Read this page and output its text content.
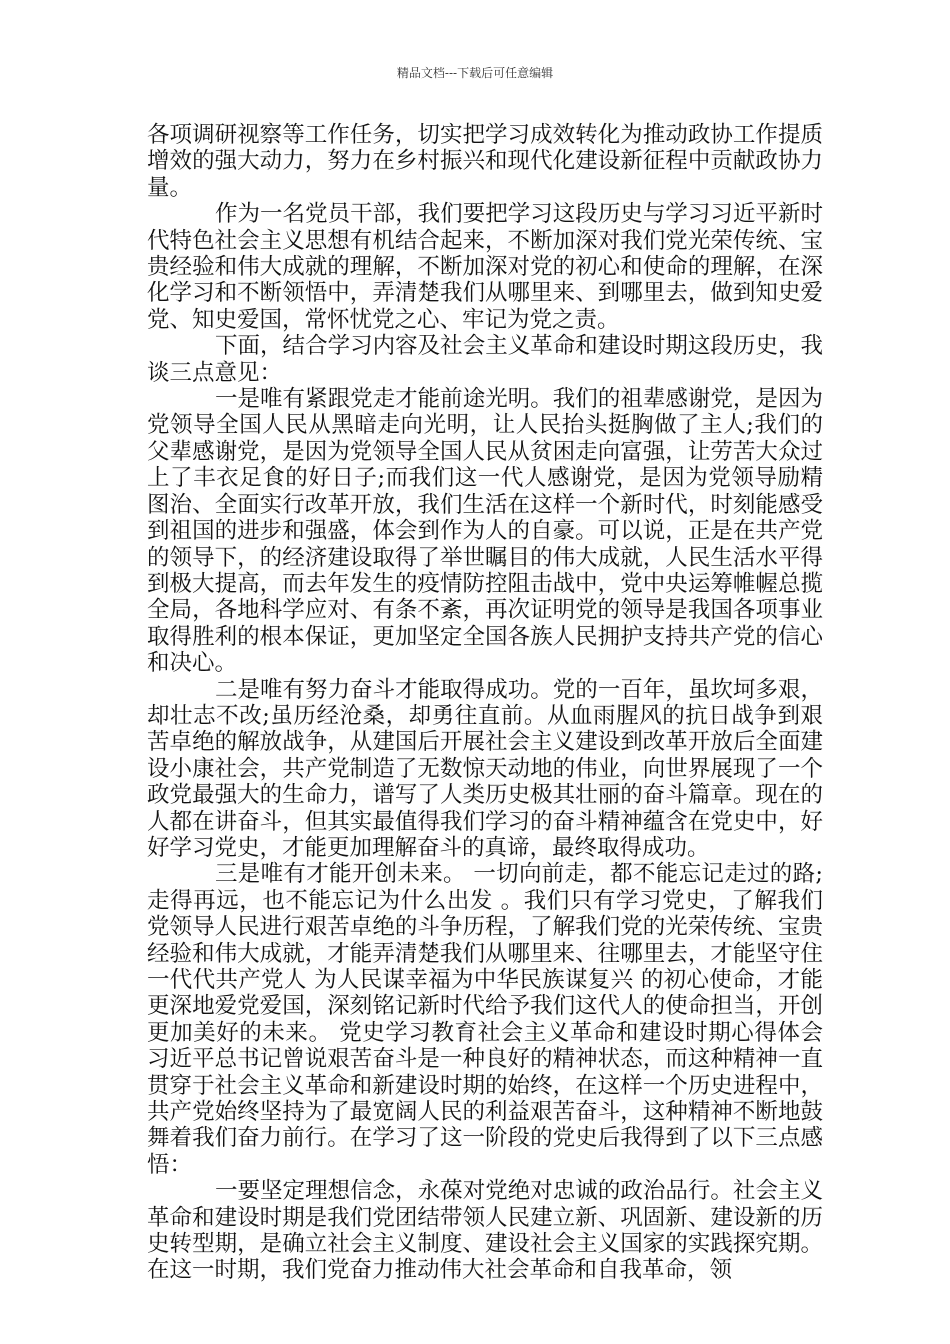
精品文档---下载后可任意编辑

各项调研视察等工作任务，切实把学习成效转化为推动政协工作提质增效的强大动力，努力在乡村振兴和现代化建设新征程中贡献政协力量。

作为一名党员干部，我们要把学习这段历史与学习习近平新时代特色社会主义思想有机结合起来，不断加深对我们党光荣传统、宝贵经验和伟大成就的理解，不断加深对党的初心和使命的理解，在深化学习和不断领悟中，弄清楚我们从哪里来、到哪里去，做到知史爱党、知史爱国，常怀忧党之心、牢记为党之责。

下面，结合学习内容及社会主义革命和建设时期这段历史，我谈三点意见：

一是唯有紧跟党走才能前途光明。我们的祖辈感谢党，是因为党领导全国人民从黑暗走向光明，让人民抬头挺胸做了主人;我们的父辈感谢党，是因为党领导全国人民从贫困走向富强，让劳苦大众过上了丰衣足食的好日子;而我们这一代人感谢党，是因为党领导励精图治、全面实行改革开放，我们生活在这样一个新时代，时刻能感受到祖国的进步和强盛，体会到作为人的自豪。可以说，正是在共产党的领导下，的经济建设取得了举世瞩目的伟大成就，人民生活水平得到极大提高，而去年发生的疫情防控阻击战中，党中央运筹帷幄总揽全局，各地科学应对、有条不紊，再次证明党的领导是我国各项事业取得胜利的根本保证，更加坚定全国各族人民拥护支持共产党的信心和决心。

二是唯有努力奋斗才能取得成功。党的一百年，虽坎坷多艰，却壮志不改;虽历经沧桑，却勇往直前。从血雨腥风的抗日战争到艰苦卓绝的解放战争，从建国后开展社会主义建设到改革开放后全面建设小康社会，共产党制造了无数惊天动地的伟业，向世界展现了一个政党最强大的生命力，谱写了人类历史极其壮丽的奋斗篇章。现在的人都在讲奋斗，但其实最值得我们学习的奋斗精神蕴含在党史中，好好学习党史，才能更加理解奋斗的真谛，最终取得成功。

三是唯有才能开创未来。 一切向前走，都不能忘记走过的路;走得再远，也不能忘记为什么出发 。我们只有学习党史，了解我们党领导人民进行艰苦卓绝的斗争历程，了解我们党的光荣传统、宝贵经验和伟大成就，才能弄清楚我们从哪里来、往哪里去，才能坚守住一代代共产党人 为人民谋幸福为中华民族谋复兴 的初心使命，才能更深地爱党爱国，深刻铭记新时代给予我们这代人的使命担当，开创更加美好的未来。 党史学习教育社会主义革命和建设时期心得体会 习近平总书记曾说艰苦奋斗是一种良好的精神状态，而这种精神一直贯穿于社会主义革命和新建设时期的始终，在这样一个历史进程中，共产党始终坚持为了最宽阔人民的利益艰苦奋斗，这种精神不断地鼓舞着我们奋力前行。在学习了这一阶段的党史后我得到了以下三点感悟：

一要坚定理想信念，永葆对党绝对忠诚的政治品行。社会主义革命和建设时期是我们党团结带领人民建立新、巩固新、建设新的历史转型期，是确立社会主义制度、建设社会主义国家的实践探究期。在这一时期，我们党奋力推动伟大社会革命和自我革命，领
